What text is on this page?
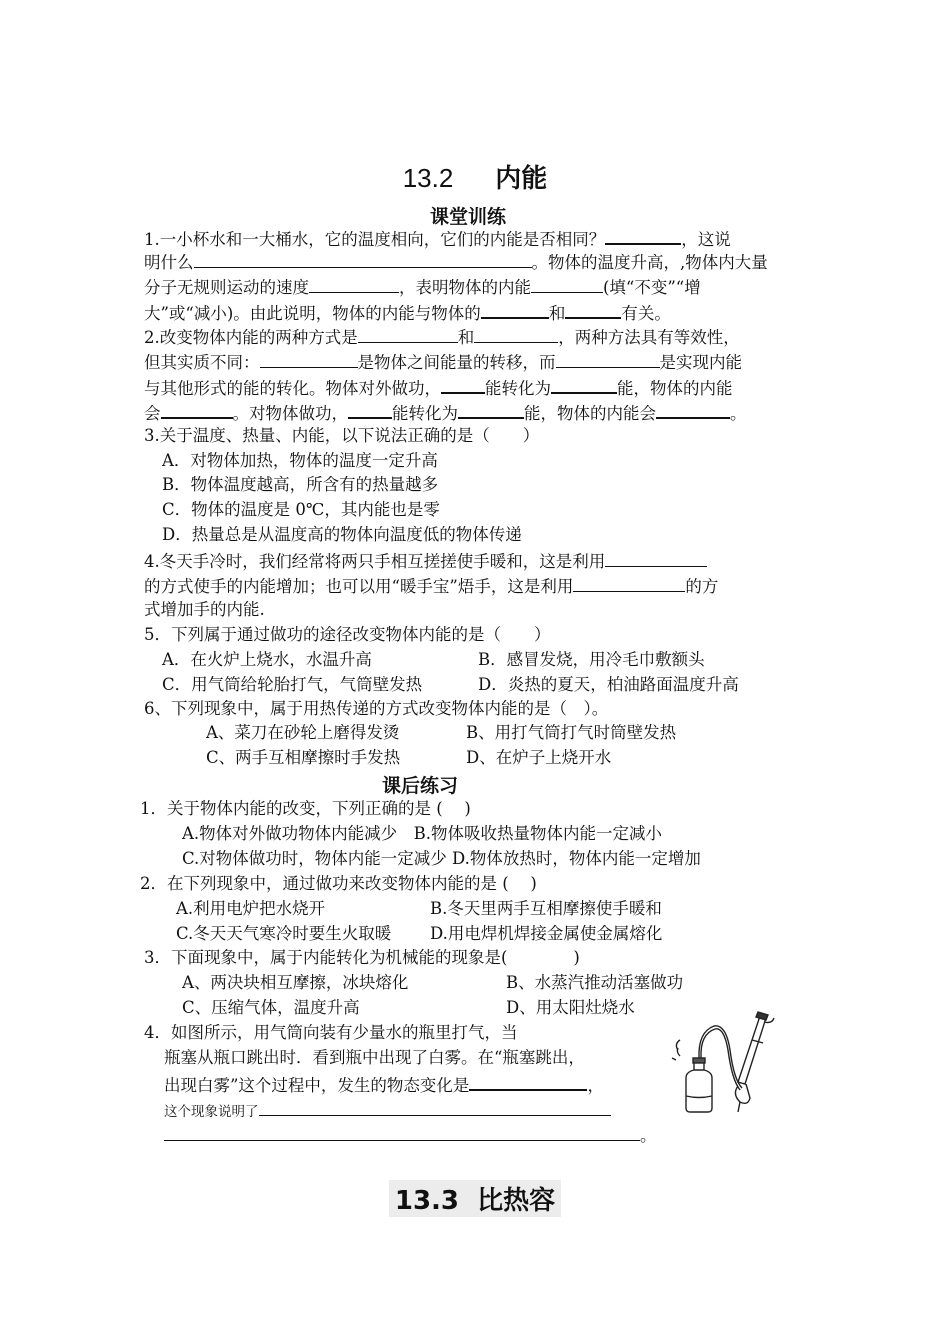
13.2 内能
课堂训练
1.一小杯水和一大桶水，它的温度相向，它们的内能是否相同？	，这说
明什么	。物体的温度升高，,物体内大量
分子无规则运动的速度	，表明物体的内能	(填“不变”“增
大”或“减小)。由此说明，物体的内能与物体的	和	有关。
2.改变物体内能的两种方式是	和	，两种方法具有等效性，
但其实质不同：	是物体之间能量的转移，而	是实现内能
与其他形式的能的转化。物体对外做功，	能转化为	能，物体的内能
会	。对物体做功，	能转化为	能，物体的内能会	。
3.关于温度、热量、内能，以下说法正确的是（　　）
A．对物体加热，物体的温度一定升高
B．物体温度越高，所含有的热量越多
C．物体的温度是 0℃，其内能也是零
D．热量总是从温度高的物体向温度低的物体传递
4.冬天手冷时，我们经常将两只手相互搓搓使手暖和，这是利用
的方式使手的内能增加；也可以用“暖手宝”焐手，这是利用	的方
式增加手的内能.
5．下列属于通过做功的途径改变物体内能的是（　　）
A．在火炉上烧水，水温升高	B．感冒发烧，用冷毛巾敷额头
C．用气筒给轮胎打气，气筒壁发热	D．炎热的夏天，柏油路面温度升高
6、下列现象中，属于用热传递的方式改变物体内能的是（　）。
A、菜刀在砂轮上磨得发烫	B、用打气筒打气时筒壁发热
C、两手互相摩擦时手发热	D、在炉子上烧开水
课后练习
1．关于物体内能的改变，下列正确的是 (　 )
A.物体对外做功物体内能减少　B.物体吸收热量物体内能一定减小
C.对物体做功时，物体内能一定减少 D.物体放热时，物体内能一定增加
2．在下列现象中，通过做功来改变物体内能的是 (　 )
A.利用电炉把水烧开	B.冬天里两手互相摩擦使手暖和
C.冬天天气寒冷时要生火取暖 D.用电焊机焊接金属使金属熔化
3．下面现象中，属于内能转化为机械能的现象是(　　　　)
A、两决块相互摩擦，冰块熔化	B、水蒸汽推动活塞做功
C、压缩气体，温度升高	D、用太阳灶烧水
4．如图所示，用气筒向装有少量水的瓶里打气，当
瓶塞从瓶口跳出时．看到瓶中出现了白雾。在“瓶塞跳出，
出现白雾”这个过程中，发生的物态变化是	，
这个现象说明了
。
13.3 比热容
